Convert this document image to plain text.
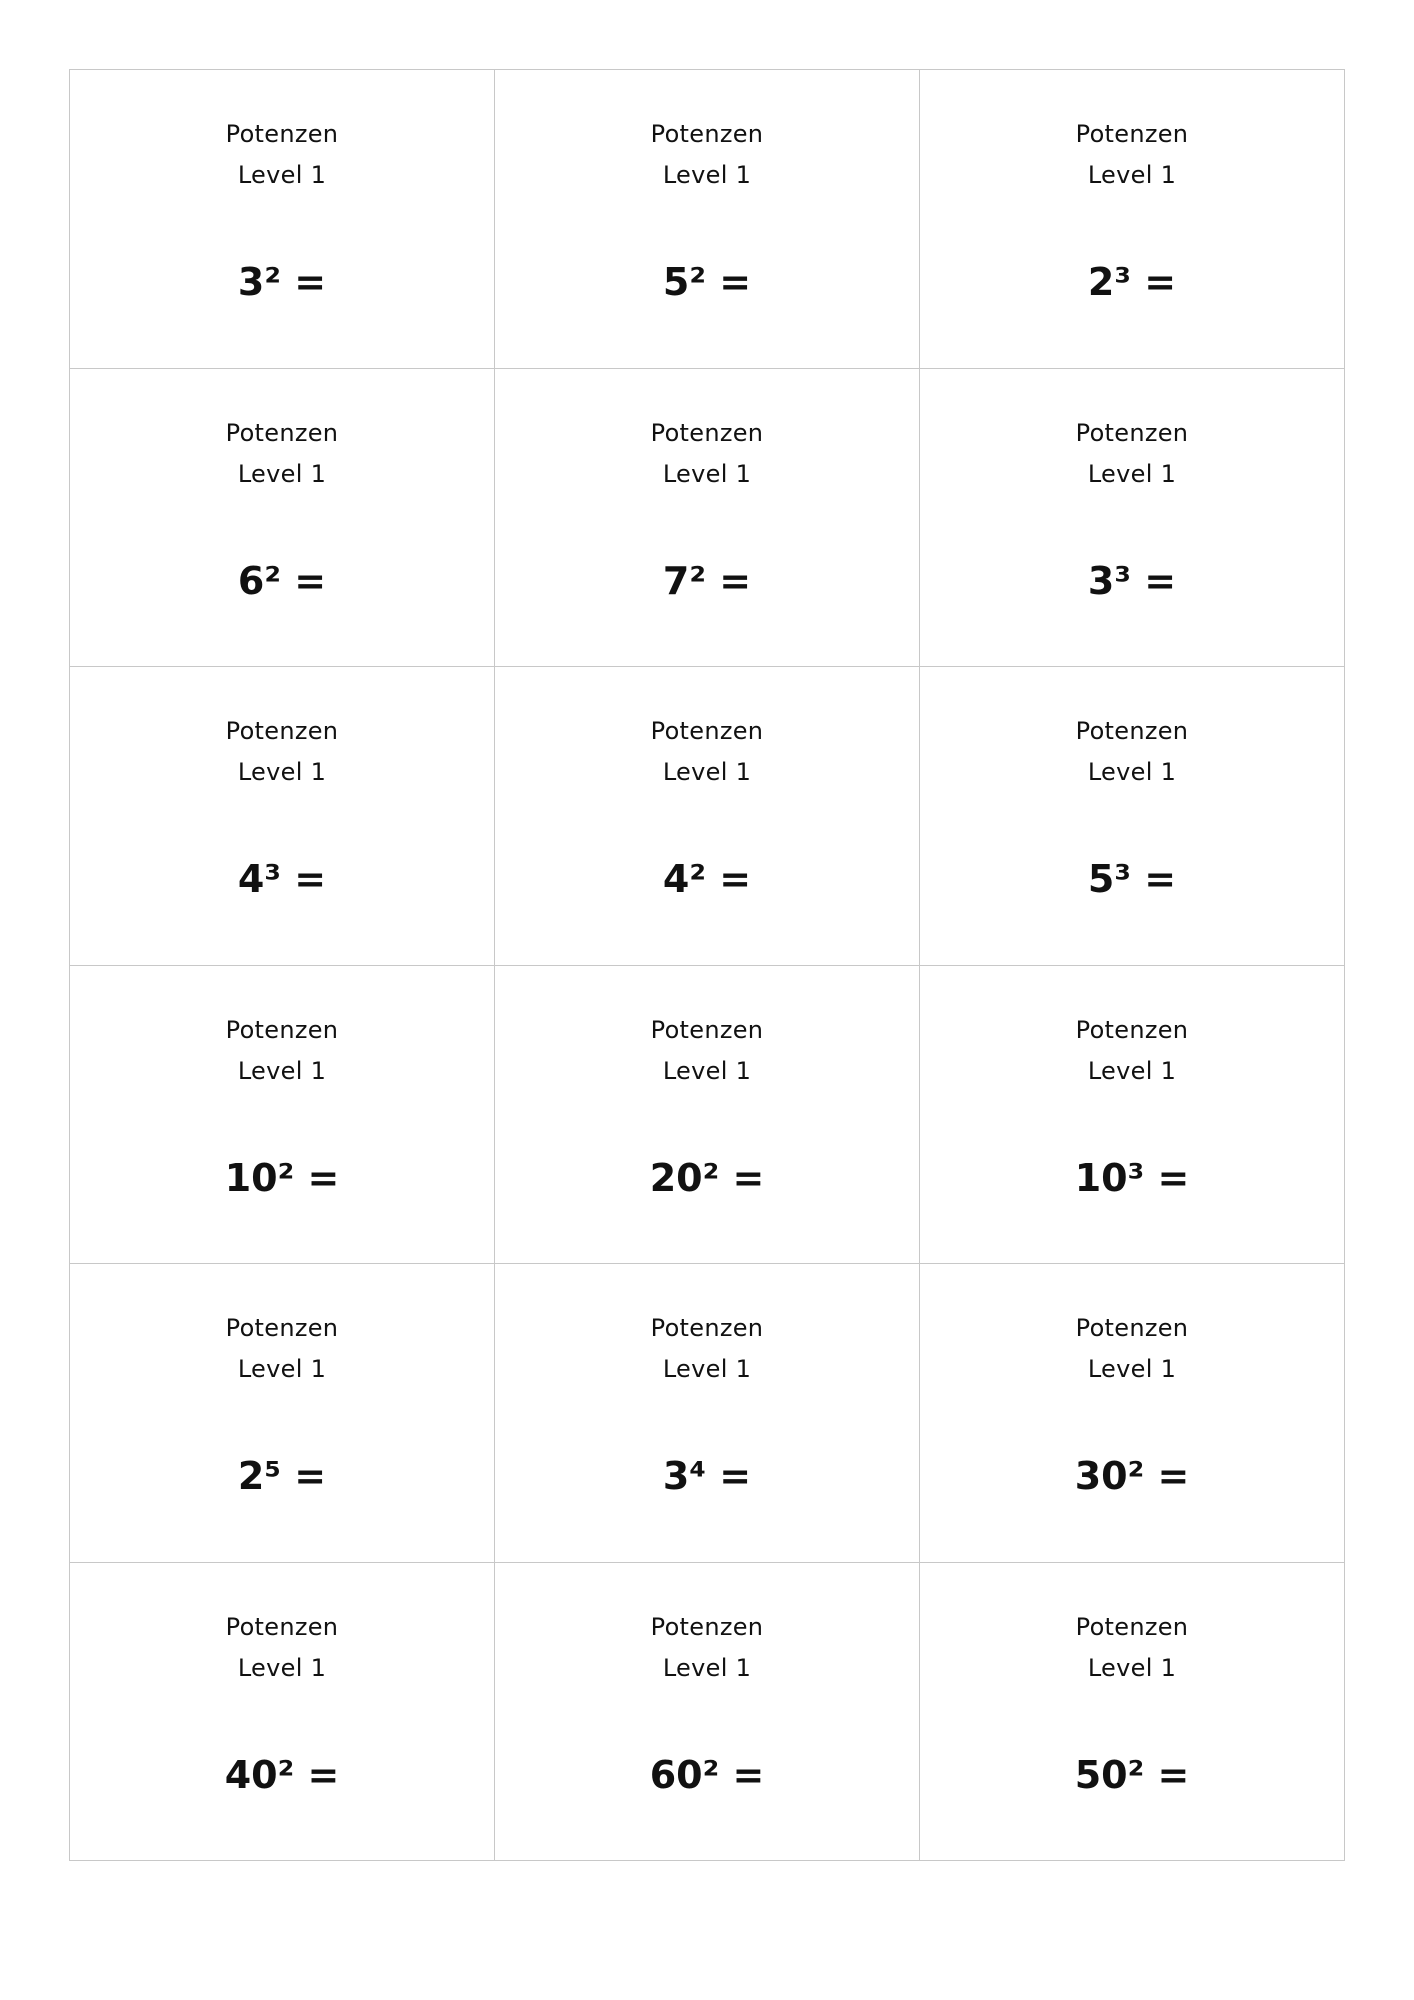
Potenzen
Level 1
3² =
Potenzen
Level 1
5² =
Potenzen
Level 1
2³ =
Potenzen
Level 1
6² =
Potenzen
Level 1
7² =
Potenzen
Level 1
3³ =
Potenzen
Level 1
4³ =
Potenzen
Level 1
4² =
Potenzen
Level 1
5³ =
Potenzen
Level 1
10² =
Potenzen
Level 1
20² =
Potenzen
Level 1
10³ =
Potenzen
Level 1
2⁵ =
Potenzen
Level 1
3⁴ =
Potenzen
Level 1
30² =
Potenzen
Level 1
40² =
Potenzen
Level 1
60² =
Potenzen
Level 1
50² =
